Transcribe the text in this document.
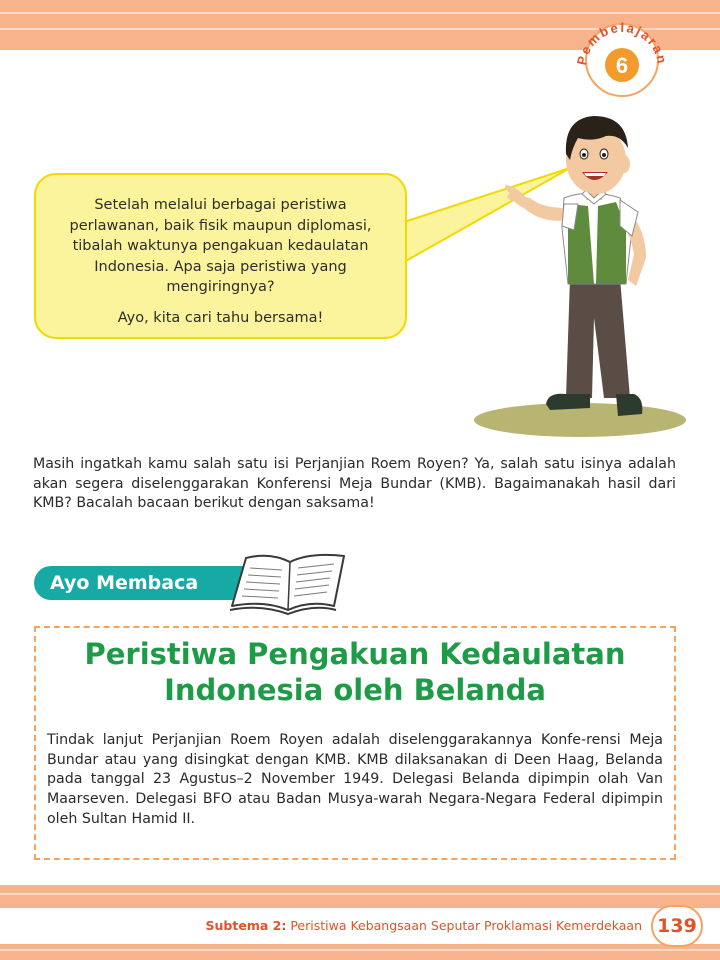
Pembelajaran
6

Setelah melalui berbagai peristiwa perlawanan, baik fisik maupun diplomasi, tibalah waktunya pengakuan kedaulatan Indonesia. Apa saja peristiwa yang mengiringnya?

Ayo, kita cari tahu bersama!

Masih ingatkah kamu salah satu isi Perjanjian Roem Royen? Ya, salah satu isinya adalah akan segera diselenggarakan Konferensi Meja Bundar (KMB). Bagaimanakah hasil dari KMB? Bacalah bacaan berikut dengan saksama!

Ayo Membaca
Peristiwa Pengakuan Kedaulatan
Indonesia oleh Belanda

Tindak lanjut Perjanjian Roem Royen adalah diselenggarakannya Konfe-rensi Meja Bundar atau yang disingkat dengan KMB. KMB dilaksanakan di Deen Haag, Belanda pada tanggal 23 Agustus–2 November 1949. Delegasi Belanda dipimpin olah Van Maarseven. Delegasi BFO atau Badan Musya-warah Negara-Negara Federal dipimpin oleh Sultan Hamid II.

Subtema 2: Peristiwa Kebangsaan Seputar Proklamasi Kemerdekaan 139
